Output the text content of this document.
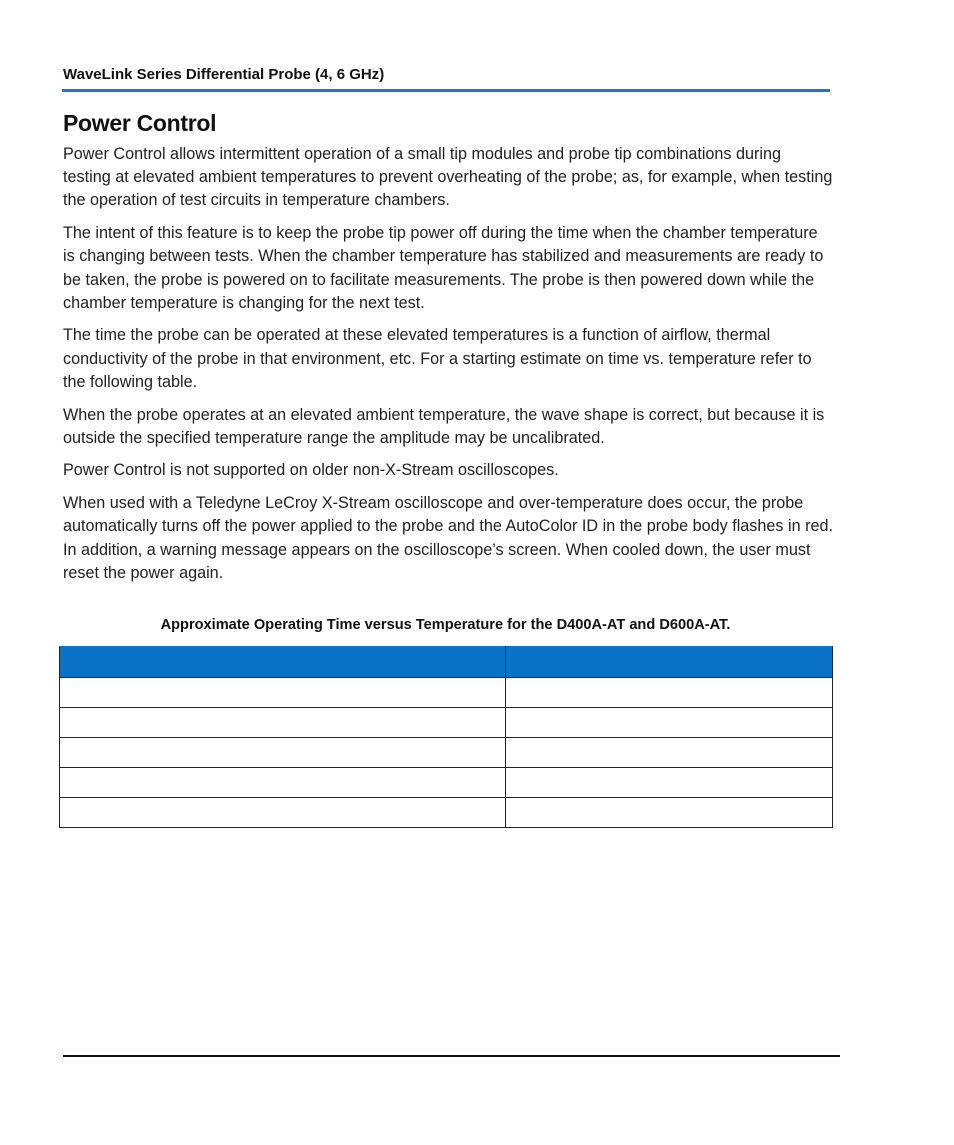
WaveLink Series Differential Probe (4, 6 GHz)
Power Control

Power Control allows intermittent operation of a small tip modules and probe tip combinations during testing at elevated ambient temperatures to prevent overheating of the probe; as, for example, when testing the operation of test circuits in temperature chambers.

The intent of this feature is to keep the probe tip power off during the time when the chamber temperature is changing between tests. When the chamber temperature has stabilized and measurements are ready to be taken, the probe is powered on to facilitate measurements. The probe is then powered down while the chamber temperature is changing for the next test.

The time the probe can be operated at these elevated temperatures is a function of airflow, thermal conductivity of the probe in that environment, etc. For a starting estimate on time vs. temperature refer to the following table.

When the probe operates at an elevated ambient temperature, the wave shape is correct, but because it is outside the specified temperature range the amplitude may be uncalibrated.

Power Control is not supported on older non-X-Stream oscilloscopes.

When used with a Teledyne LeCroy X-Stream oscilloscope and over-temperature does occur, the probe automatically turns off the power applied to the probe and the AutoColor ID in the probe body flashes in red. In addition, a warning message appears on the oscilloscope’s screen. When cooled down, the user must reset the power again.

Approximate Operating Time versus Temperature for the D400A-AT and D600A-AT.
